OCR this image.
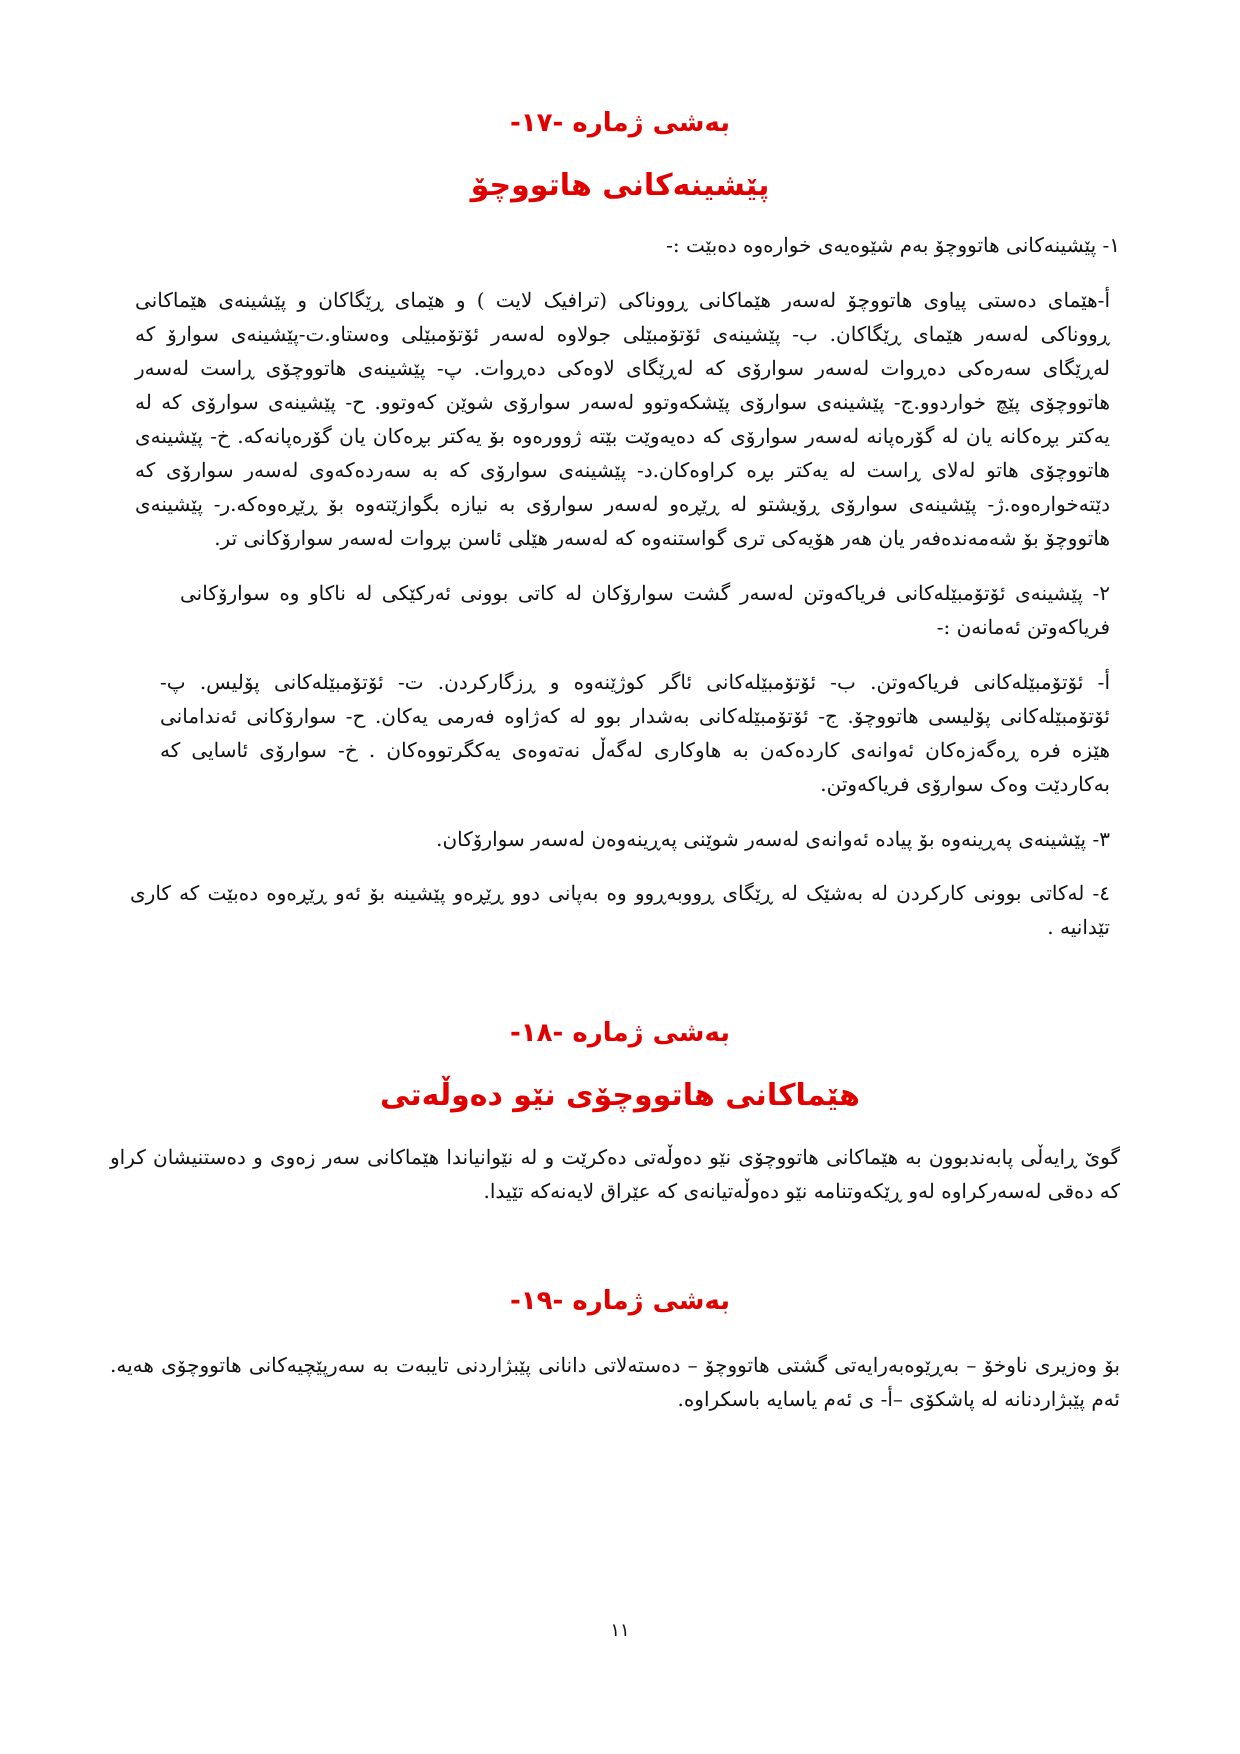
بەشی ژمارە -١٧-
پێشینەکانی هاتووچۆ
١- پێشینەکانی هاتووچۆ بەم شێوەیەی خوارەوە دەبێت :-
أ-هێمای دەستی پیاوی هاتووچۆ لەسەر هێماکانی ڕووناکی (ترافیک لایت ) و هێمای ڕێگاکان و پێشینەی هێماکانی ڕووناکی لەسەر هێمای ڕێگاکان. ب- پێشینەی ئۆتۆمبێلی جولاوە لەسەر ئۆتۆمبێلی وەستاو.ت-پێشینەی سوارۆ کە لەڕێگای سەرەکی دەڕوات لەسەر سوارۆی کە لەڕێگای لاوەکی دەڕوات. پ- پێشینەی هاتووچۆی ڕاست لەسەر هاتووچۆی پێچ خواردوو.ج- پێشینەی سوارۆی پێشکەوتوو لەسەر سوارۆی شوێن کەوتوو. ح- پێشینەی سوارۆی کە لە یەکتر بڕەکانە یان لە گۆرەپانە لەسەر سوارۆی کە دەیەوێت بێتە ژوورەوە بۆ یەکتر بڕەکان یان گۆرەپانەکە. خ- پێشینەی هاتووچۆی هاتو لەلای ڕاست لە یەکتر بڕە کراوەکان.د- پێشینەی سوارۆی کە بە سەردەکەوی لەسەر سوارۆی کە دێتەخوارەوە.ژ- پێشینەی سوارۆی ڕۆیشتو لە ڕێڕەو لەسەر سوارۆی بە نیازە بگوازێتەوە بۆ ڕێڕەوەکە.ر- پێشینەی هاتووچۆ بۆ شەمەندەفەر یان هەر هۆیەکی تری گواستنەوە کە لەسەر هێلی ئاسن بڕوات لەسەر سوارۆکانی تر.
٢- پێشینەی ئۆتۆمبێلەکانی فریاکەوتن لەسەر گشت سوارۆکان لە کاتی بوونی ئەرکێکی لە ناکاو وە سوارۆکانی فریاکەوتن ئەمانەن :-
أ- ئۆتۆمبێلەکانی فریاکەوتن. ب- ئۆتۆمبێلەکانی ئاگر کوژێنەوە و ڕزگارکردن. ت- ئۆتۆمبێلەکانی پۆلیس. پ- ئۆتۆمبێلەکانی پۆلیسی هاتووچۆ. ج- ئۆتۆمبێلەکانی بەشدار بوو لە کەژاوە فەرمی یەکان. ح- سوارۆکانی ئەندامانی هێزە فرە ڕەگەزەکان ئەوانەی کاردەکەن بە هاوکاری لەگەڵ نەتەوەی یەکگرتووەکان . خ- سوارۆی ئاسایی کە بەکاردێت وەک سوارۆی فریاکەوتن.
٣- پێشینەی پەڕینەوە بۆ پیادە ئەوانەی لەسەر شوێنی پەڕینەوەن لەسەر سوارۆکان.
٤- لەکاتی بوونی کارکردن لە بەشێک لە ڕێگای ڕووبەڕوو وە بەپانی دوو ڕێڕەو پێشینە بۆ ئەو ڕێڕەوە دەبێت کە کاری تێدانیە .
بەشی ژمارە -١٨-
هێماکانی هاتووچۆی نێو دەوڵەتی
گوێ ڕایەڵی پابەندبوون بە هێماکانی هاتووچۆی نێو دەوڵەتی دەکرێت و لە نێوانیاندا هێماکانی سەر زەوی و دەستنیشان کراو کە دەقی لەسەرکراوە لەو ڕێکەوتنامە نێو دەوڵەتیانەی کە عێراق لایەنەکە تێیدا.
بەشی ژمارە -١٩-
بۆ وەزیری ناوخۆ – بەڕێوەبەرایەتی گشتی هاتووچۆ – دەستەلاتی دانانی پێبژاردنی تایبەت بە سەرپێچیەکانی هاتووچۆی هەیە. ئەم پێبژاردنانە لە پاشکۆی –أ- ی ئەم یاسایە باسکراوە.
١١
